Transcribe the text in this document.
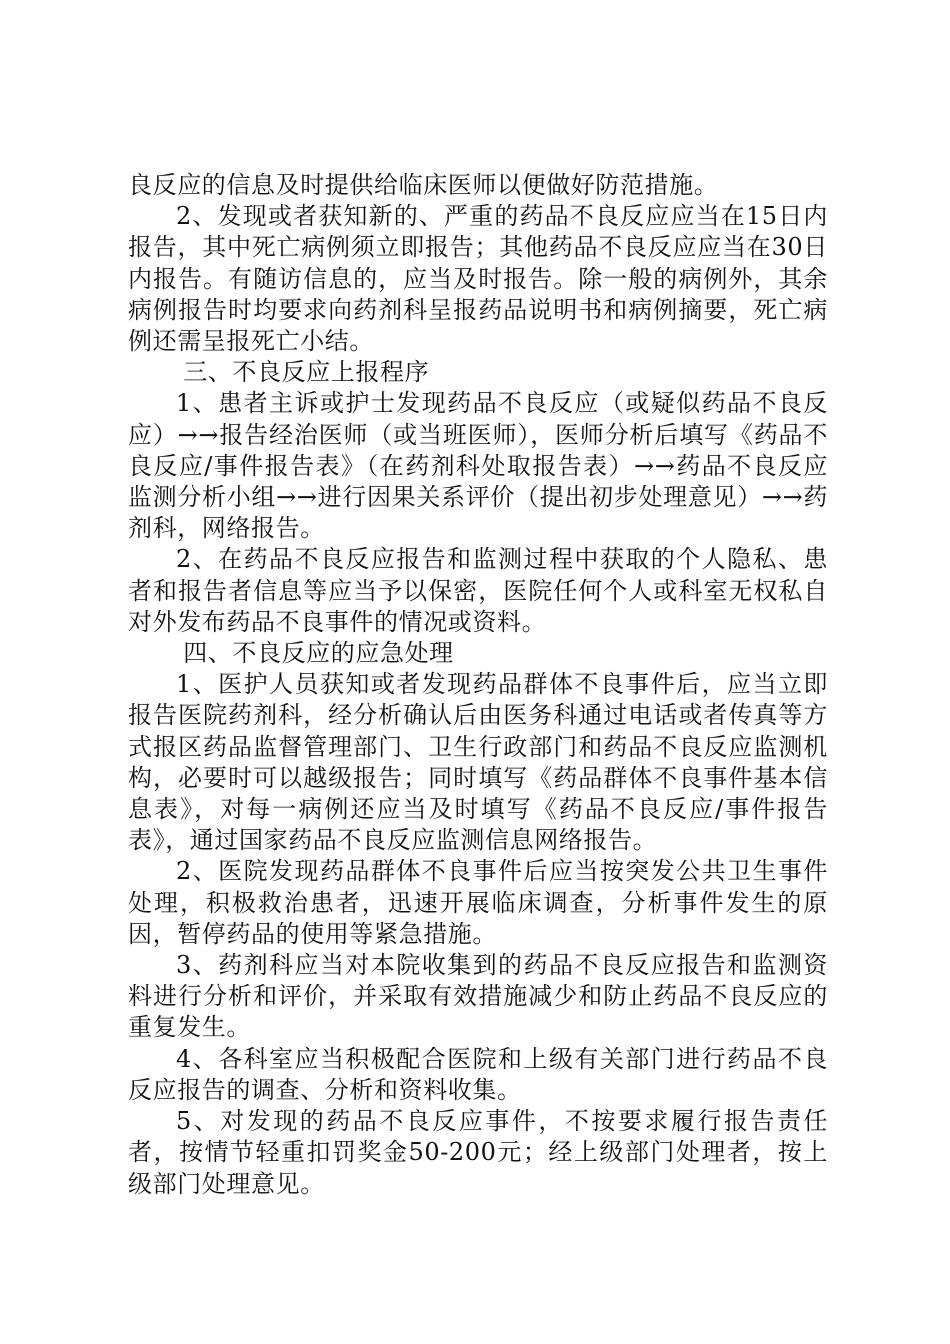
良反应的信息及时提供给临床医师以便做好防范措施。

2、发现或者获知新的、严重的药品不良反应应当在15日内报告，其中死亡病例须立即报告；其他药品不良反应应当在30日内报告。有随访信息的，应当及时报告。除一般的病例外，其余病例报告时均要求向药剂科呈报药品说明书和病例摘要，死亡病例还需呈报死亡小结。

三、不良反应上报程序

1、患者主诉或护士发现药品不良反应（或疑似药品不良反应）→→报告经治医师（或当班医师），医师分析后填写《药品不良反应/事件报告表》（在药剂科处取报告表）→→药品不良反应监测分析小组→→进行因果关系评价（提出初步处理意见）→→药剂科，网络报告。

2、在药品不良反应报告和监测过程中获取的个人隐私、患者和报告者信息等应当予以保密，医院任何个人或科室无权私自对外发布药品不良事件的情况或资料。

四、不良反应的应急处理

1、医护人员获知或者发现药品群体不良事件后，应当立即报告医院药剂科，经分析确认后由医务科通过电话或者传真等方式报区药品监督管理部门、卫生行政部门和药品不良反应监测机构，必要时可以越级报告；同时填写《药品群体不良事件基本信息表》，对每一病例还应当及时填写《药品不良反应/事件报告表》，通过国家药品不良反应监测信息网络报告。

2、医院发现药品群体不良事件后应当按突发公共卫生事件处理，积极救治患者，迅速开展临床调查，分析事件发生的原因，暂停药品的使用等紧急措施。

3、药剂科应当对本院收集到的药品不良反应报告和监测资料进行分析和评价，并采取有效措施减少和防止药品不良反应的重复发生。

4、各科室应当积极配合医院和上级有关部门进行药品不良反应报告的调查、分析和资料收集。

5、对发现的药品不良反应事件，不按要求履行报告责任者，按情节轻重扣罚奖金50-200元；经上级部门处理者，按上级部门处理意见。
